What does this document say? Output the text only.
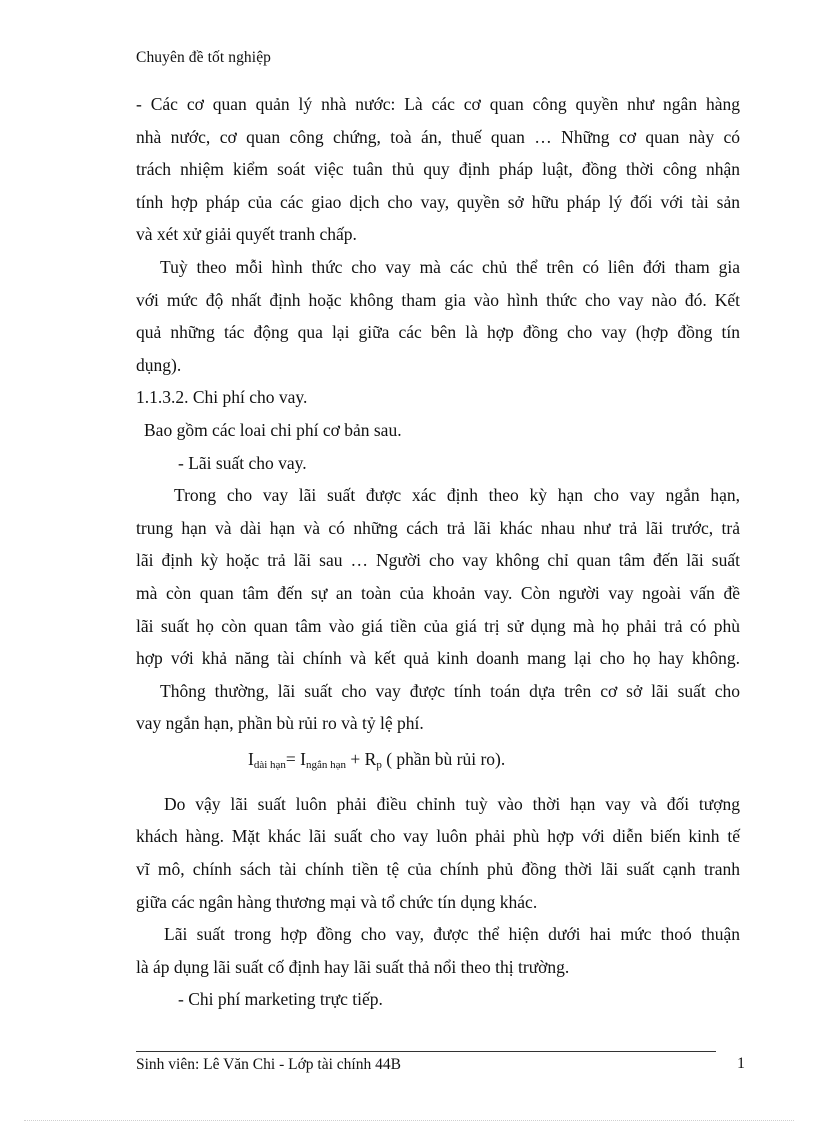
Chuyên đề tốt nghiệp
- Các cơ quan quản lý nhà nước: Là các cơ quan công quyền như ngân hàng
nhà nước, cơ quan công chứng, toà án, thuế quan … Những cơ quan này có
trách nhiệm kiểm soát việc tuân thủ quy định pháp luật, đồng thời công nhận
tính hợp pháp của các giao dịch cho vay, quyền sở hữu pháp lý đối với tài sản
và xét xử giải quyết tranh chấp.
Tuỳ theo mỗi hình thức cho vay mà các chủ thể trên có liên đới tham gia
với mức độ nhất định hoặc không tham gia vào hình thức cho vay nào đó. Kết
quả những tác động qua lại giữa các bên là hợp đồng cho vay (hợp đồng tín
dụng).
1.1.3.2. Chi phí cho vay.
Bao gồm các loai chi phí cơ bản sau.
- Lãi suất cho vay.
Trong cho vay lãi suất được xác định theo kỳ hạn cho vay ngắn hạn,
trung hạn và dài hạn và có những cách trả lãi khác nhau như trả lãi trước, trả
lãi định kỳ hoặc trả lãi sau … Người cho vay không chỉ quan tâm đến lãi suất
mà còn quan tâm đến sự an toàn của khoản vay. Còn người vay ngoài vấn đề
lãi suất họ còn quan tâm vào giá tiền của giá trị sử dụng mà họ phải trả có phù
hợp với khả năng tài chính và kết quả kinh doanh mang lại cho họ hay không.
Thông thường, lãi suất cho vay được tính toán dựa trên cơ sở lãi suất cho
vay ngắn hạn, phần bù rủi ro và tỷ lệ phí.
$I_{dài hạn}= I_{ngắn hạn} + R_p$ ( phần bù rủi ro).
Do vậy lãi suất luôn phải điều chỉnh tuỳ vào thời hạn vay và đối tượng
khách hàng. Mặt khác lãi suất cho vay luôn phải phù hợp với diễn biến kinh tế
vĩ mô, chính sách tài chính tiền tệ của chính phủ đồng thời lãi suất cạnh tranh
giữa các ngân hàng thương mại và tổ chức tín dụng khác.
Lãi suất trong hợp đồng cho vay, được thể hiện dưới hai mức thoó thuận
là áp dụng lãi suất cố định hay lãi suất thả nổi theo thị trường.
- Chi phí marketing trực tiếp.
Sinh viên: Lê Văn Chi - Lớp tài chính 44B	1
